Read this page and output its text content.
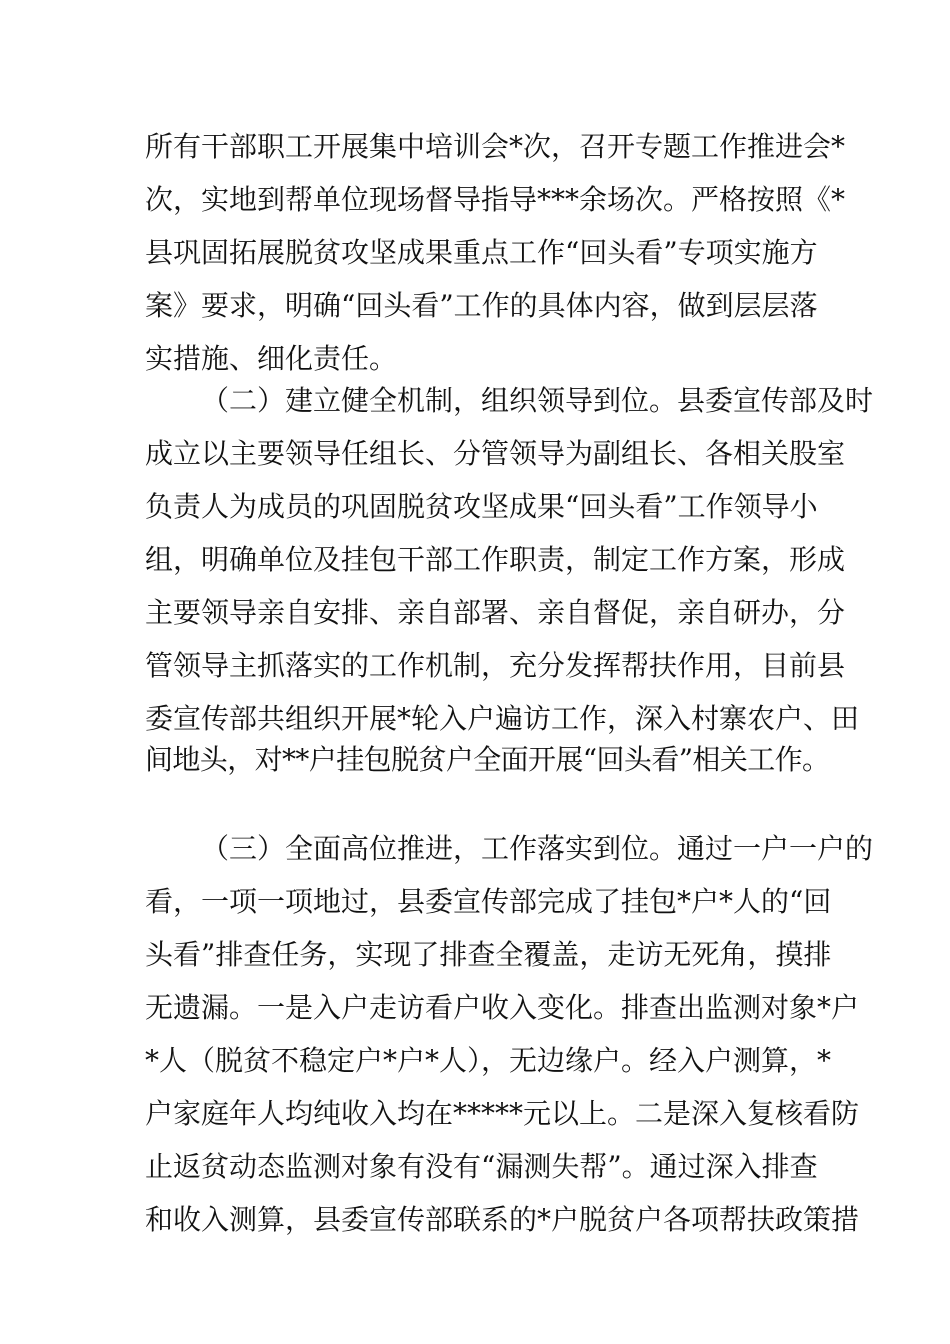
所有干部职工开展集中培训会*次，召开专题工作推进会*
次，实地到帮单位现场督导指导***余场次。严格按照《*
县巩固拓展脱贫攻坚成果重点工作“回头看”专项实施方
案》要求，明确“回头看”工作的具体内容，做到层层落
实措施、细化责任。
（二）建立健全机制，组织领导到位。县委宣传部及时
成立以主要领导任组长、分管领导为副组长、各相关股室
负责人为成员的巩固脱贫攻坚成果“回头看”工作领导小
组，明确单位及挂包干部工作职责，制定工作方案，形成
主要领导亲自安排、亲自部署、亲自督促，亲自研办，分
管领导主抓落实的工作机制，充分发挥帮扶作用，目前县
委宣传部共组织开展*轮入户遍访工作，深入村寨农户、田
间地头，对**户挂包脱贫户全面开展“回头看”相关工作。
（三）全面高位推进，工作落实到位。通过一户一户的
看，一项一项地过，县委宣传部完成了挂包*户*人的“回
头看”排查任务，实现了排查全覆盖，走访无死角，摸排
无遗漏。一是入户走访看户收入变化。排查出监测对象*户
*人（脱贫不稳定户*户*人），无边缘户。经入户测算，*
户家庭年人均纯收入均在*****元以上。二是深入复核看防
止返贫动态监测对象有没有“漏测失帮”。通过深入排查
和收入测算，县委宣传部联系的*户脱贫户各项帮扶政策措
